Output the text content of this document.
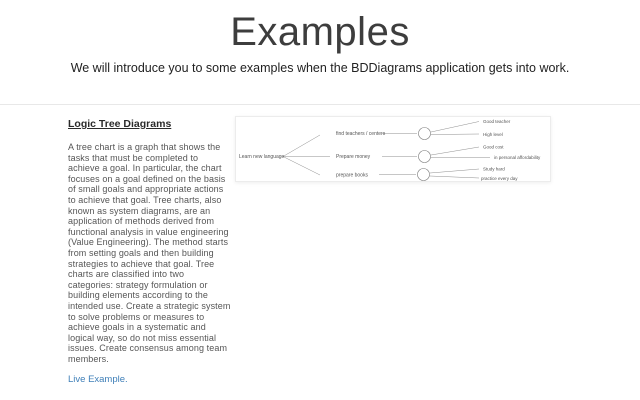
Examples
We will introduce you to some examples when the BDDiagrams application gets into work.
Logic Tree Diagrams

A tree chart is a graph that shows the tasks that must be completed to achieve a goal. In particular, the chart focuses on a goal defined on the basis of small goals and appropriate actions to achieve that goal. Tree charts, also known as system diagrams, are an application of methods derived from functional analysis in value engineering (Value Engineering). The method starts from setting goals and then building strategies to achieve that goal. Tree charts are classified into two categories: strategy formulation or building elements according to the intended use. Create a strategic system to solve problems or measures to achieve goals in a systematic and logical way, so do not miss essential issues. Create consensus among team members.

Live Example.
Learn new language
find teachers / centers
Prepare money
prepare books
Good teacher
High level
Good cost
in personal affordability
Study hard
practice every day
